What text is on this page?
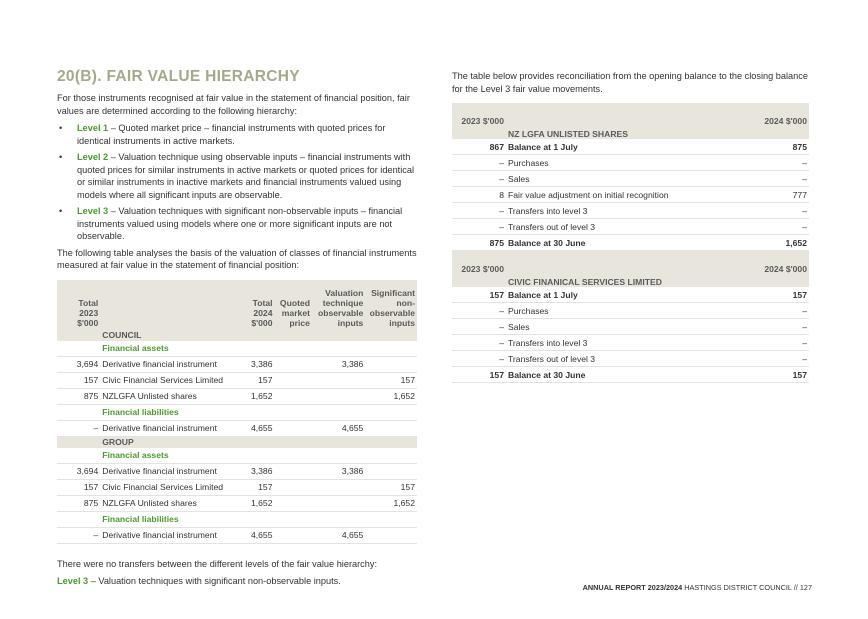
20(B). FAIR VALUE HIERARCHY

For those instruments recognised at fair value in the statement of financial position, fair values are determined according to the following hierarchy:

• Level 1 – Quoted market price – financial instruments with quoted prices for identical instruments in active markets.
• Level 2 – Valuation technique using observable inputs – financial instruments with quoted prices for similar instruments in active markets or quoted prices for identical or similar instruments in inactive markets and financial instruments valued using models where all significant inputs are observable.
• Level 3 – Valuation techniques with significant non-observable inputs – financial instruments valued using models where one or more significant inputs are not observable.

The following table analyses the basis of the valuation of classes of financial instruments measured at fair value in the statement of financial position:

Total 2023 $'000		Total 2024 $'000	Quoted market price	Valuation technique observable inputs	Significant non-observable inputs
	COUNCIL				
	Financial assets				
3,694	Derivative financial instrument	3,386		3,386	
157	Civic Financial Services Limited	157			157
875	NZLGFA Unlisted shares	1,652			1,652
	Financial liabilities				
–	Derivative financial instrument	4,655		4,655	
	GROUP				
	Financial assets				
3,694	Derivative financial instrument	3,386		3,386	
157	Civic Financial Services Limited	157			157
875	NZLGFA Unlisted shares	1,652			1,652
	Financial liabilities				
–	Derivative financial instrument	4,655		4,655	

There were no transfers between the different levels of the fair value hierarchy:

Level 3 – Valuation techniques with significant non-observable inputs.

The table below provides reconciliation from the opening balance to the closing balance for the Level 3 fair value movements.

2023 $'000		2024 $'000
	NZ LGFA UNLISTED SHARES	
867	Balance at 1 July	875
–	Purchases	–
–	Sales	–
8	Fair value adjustment on initial recognition	777
–	Transfers into level 3	–
–	Transfers out of level 3	–
875	Balance at 30 June	1,652
2023 $'000		2024 $'000
	CIVIC FINANICAL SERVICES LIMITED	
157	Balance at 1 July	157
–	Purchases	–
–	Sales	–
–	Transfers into level 3	–
–	Transfers out of level 3	–
157	Balance at 30 June	157
ANNUAL REPORT 2023/2024 HASTINGS DISTRICT COUNCIL // 127
